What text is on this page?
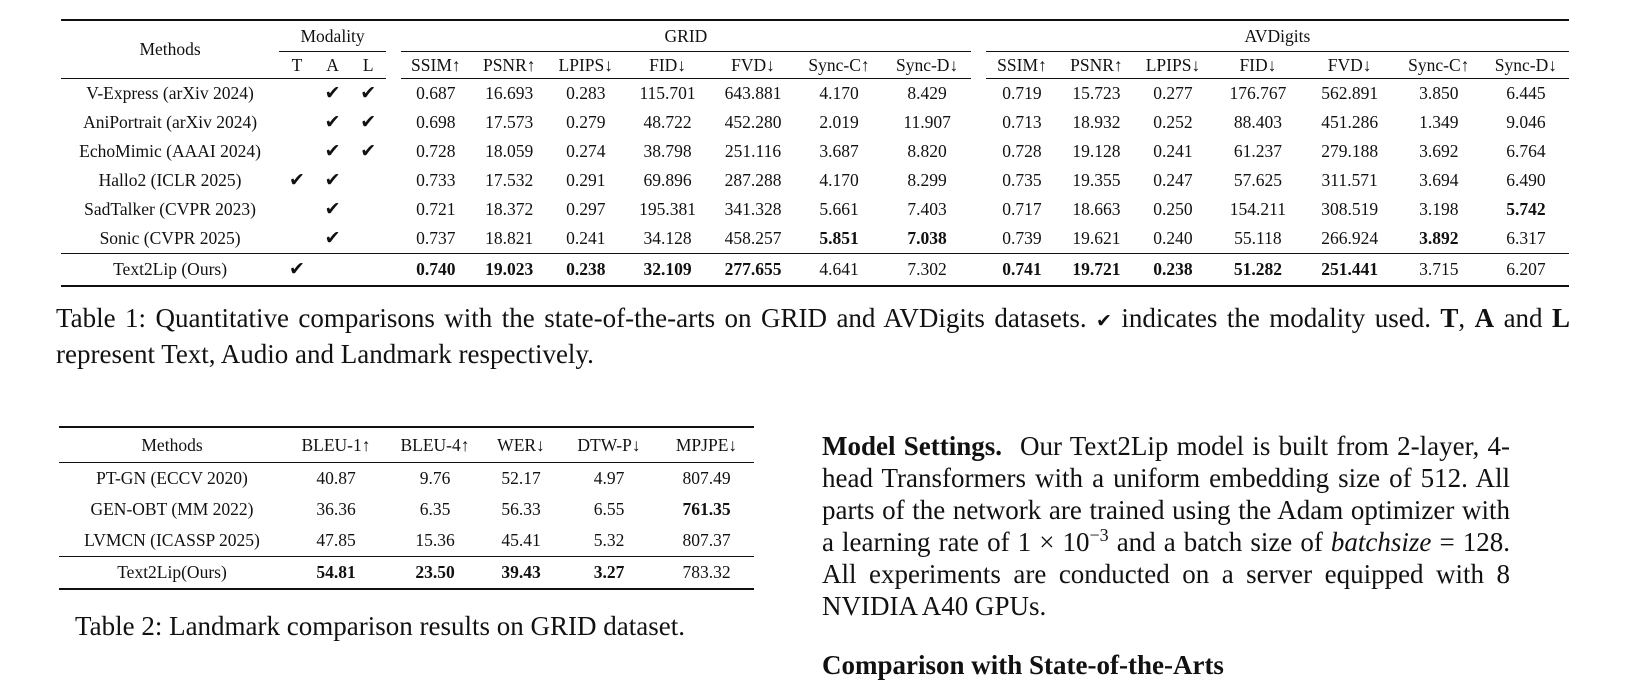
Methods	Modality				GRID								AVDigits						
	T	A	L		SSIM↑	PSNR↑	LPIPS↓	FID↓	FVD↓	Sync-C↑	Sync-D↓		SSIM↑	PSNR↑	LPIPS↓	FID↓	FVD↓	Sync-C↑	Sync-D↓
V-Express (arXiv 2024)		✔	✔		0.687	16.693	0.283	115.701	643.881	4.170	8.429		0.719	15.723	0.277	176.767	562.891	3.850	6.445
AniPortrait (arXiv 2024)		✔	✔		0.698	17.573	0.279	48.722	452.280	2.019	11.907		0.713	18.932	0.252	88.403	451.286	1.349	9.046
EchoMimic (AAAI 2024)		✔	✔		0.728	18.059	0.274	38.798	251.116	3.687	8.820		0.728	19.128	0.241	61.237	279.188	3.692	6.764
Hallo2 (ICLR 2025)	✔	✔			0.733	17.532	0.291	69.896	287.288	4.170	8.299		0.735	19.355	0.247	57.625	311.571	3.694	6.490
SadTalker (CVPR 2023)		✔			0.721	18.372	0.297	195.381	341.328	5.661	7.403		0.717	18.663	0.250	154.211	308.519	3.198	5.742
Sonic (CVPR 2025)		✔			0.737	18.821	0.241	34.128	458.257	5.851	7.038		0.739	19.621	0.240	55.118	266.924	3.892	6.317
Text2Lip (Ours)	✔				0.740	19.023	0.238	32.109	277.655	4.641	7.302		0.741	19.721	0.238	51.282	251.441	3.715	6.207
Table 1: Quantitative comparisons with the state-of-the-arts on GRID and AVDigits datasets. ✔ indicates the modality used. T, A and L represent Text, Audio and Landmark respectively.
Methods	BLEU-1↑	BLEU-4↑	WER↓	DTW-P↓	MPJPE↓
PT-GN (ECCV 2020)	40.87	9.76	52.17	4.97	807.49
GEN-OBT (MM 2022)	36.36	6.35	56.33	6.55	761.35
LVMCN (ICASSP 2025)	47.85	15.36	45.41	5.32	807.37
Text2Lip(Ours)	54.81	23.50	39.43	3.27	783.32
Table 2: Landmark comparison results on GRID dataset.
Model Settings. Our Text2Lip model is built from 2-layer, 4-head Transformers with a uniform embedding size of 512. All parts of the network are trained using the Adam optimizer with a learning rate of $1 \times 10^{-3}$ and a batch size of batchsize = 128. All experiments are conducted on a server equipped with 8 NVIDIA A40 GPUs.
Comparison with State-of-the-Arts
